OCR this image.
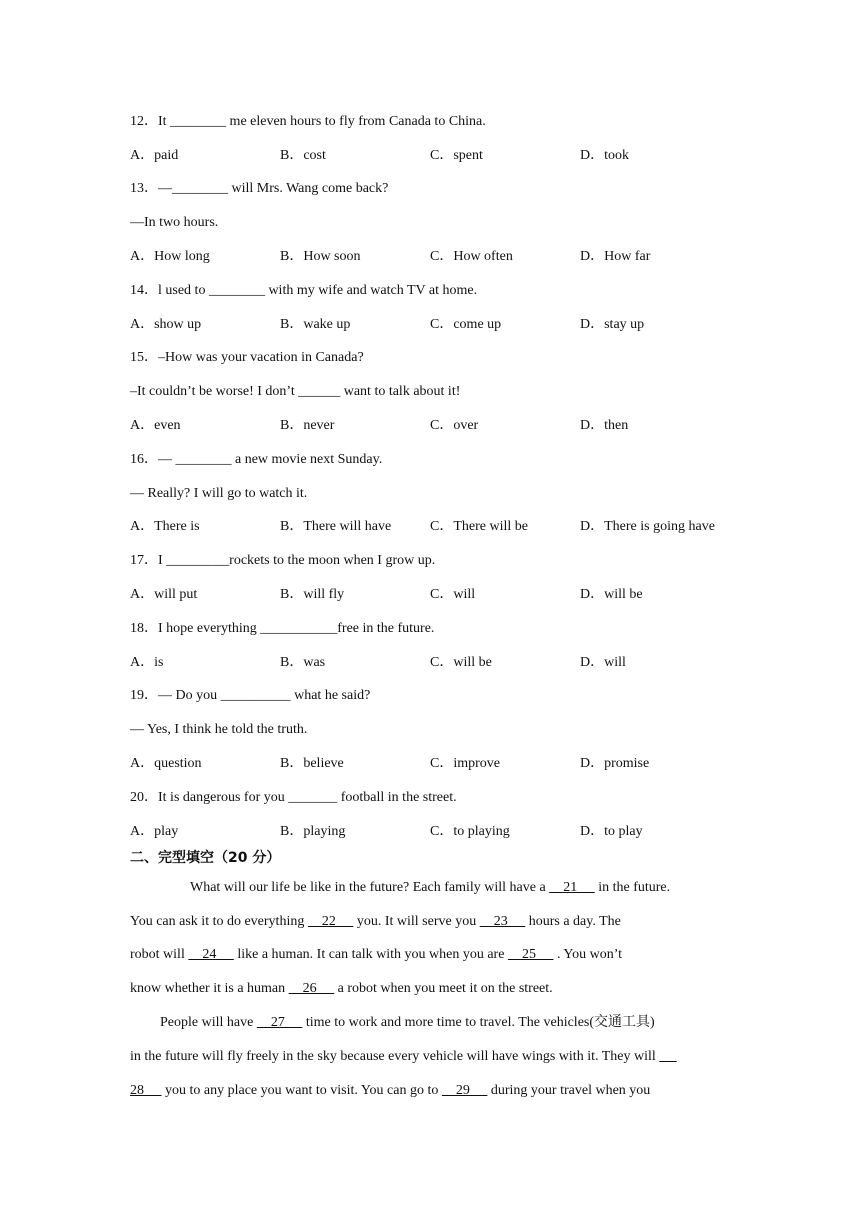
12．It ________ me eleven hours to fly from Canada to China.
A．paid	B．cost	C．spent	D．took
13．—________ will Mrs. Wang come back?
—In two hours.
A．How long	B．How soon	C．How often	D．How far
14．l used to ________ with my wife and watch TV at home.
A．show up	B．wake up	C．come up	D．stay up
15．–How was your vacation in Canada?
–It couldn’t be worse! I don’t ______ want to talk about it!
A．even	B．never	C．over	D．then
16．— ________ a new movie next Sunday.
— Really? I will go to watch it.
A．There is	B．There will have	C．There will be	D．There is going have
17．I _________rockets to the moon when I grow up.
A．will put	B．will fly	C．will	D．will be
18．I hope everything ___________free in the future.
A．is	B．was	C．will be	D．will
19．— Do you __________ what he said?
— Yes, I think he told the truth.
A．question	B．believe	C．improve	D．promise
20．It is dangerous for you _______ football in the street.
A．play	B．playing	C．to playing	D．to play
二、完型填空（20 分）
What will our life be like in the future? Each family will have a     21      in the future.
You can ask it to do everything     22      you. It will serve you     23      hours a day. The
robot will     24      like a human. It can talk with you when you are     25      . You won’t
know whether it is a human     26      a robot when you meet it on the street.
People will have     27      time to work and more time to travel. The vehicles(交通工具)
in the future will fly freely in the sky because every vehicle will have wings with it. They will
28      you to any place you want to visit. You can go to     29      during your travel when you
